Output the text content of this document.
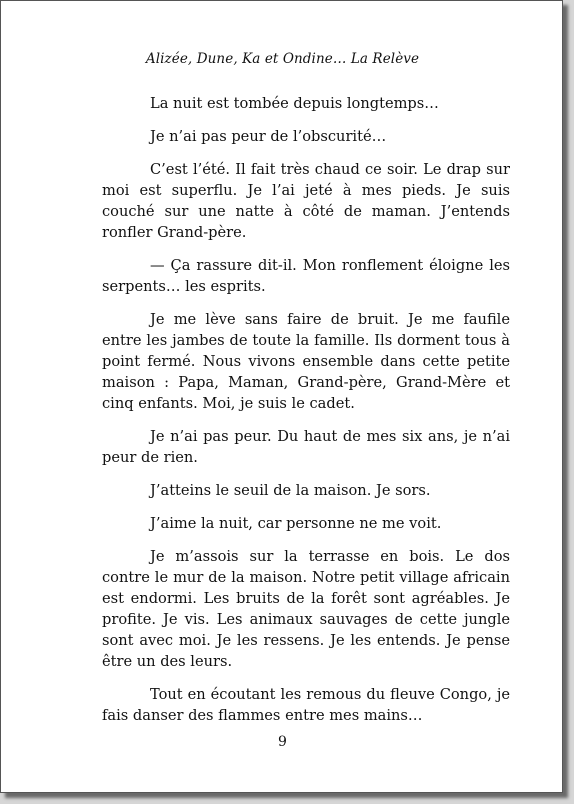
Alizée, Dune, Ka et Ondine… La Relève

La nuit est tombée depuis longtemps…

Je n’ai pas peur de l’obscurité…

C’est l’été. Il fait très chaud ce soir. Le drap sur moi est superflu. Je l’ai jeté à mes pieds. Je suis couché sur une natte à côté de maman. J’entends ronfler Grand-père.

— Ça rassure dit-il. Mon ronflement éloigne les serpents… les esprits.

Je me lève sans faire de bruit. Je me faufile entre les jambes de toute la famille. Ils dorment tous à point fermé. Nous vivons ensemble dans cette petite maison : Papa, Maman, Grand-père, Grand-Mère et cinq enfants. Moi, je suis le cadet.

Je n’ai pas peur. Du haut de mes six ans, je n’ai peur de rien.

J’atteins le seuil de la maison. Je sors.

J’aime la nuit, car personne ne me voit.

Je m’assois sur la terrasse en bois. Le dos contre le mur de la maison. Notre petit village africain est endormi. Les bruits de la forêt sont agréables. Je profite. Je vis. Les animaux sauvages de cette jungle sont avec moi. Je les ressens. Je les entends. Je pense être un des leurs.

Tout en écoutant les remous du fleuve Congo, je fais danser des flammes entre mes mains…

9
